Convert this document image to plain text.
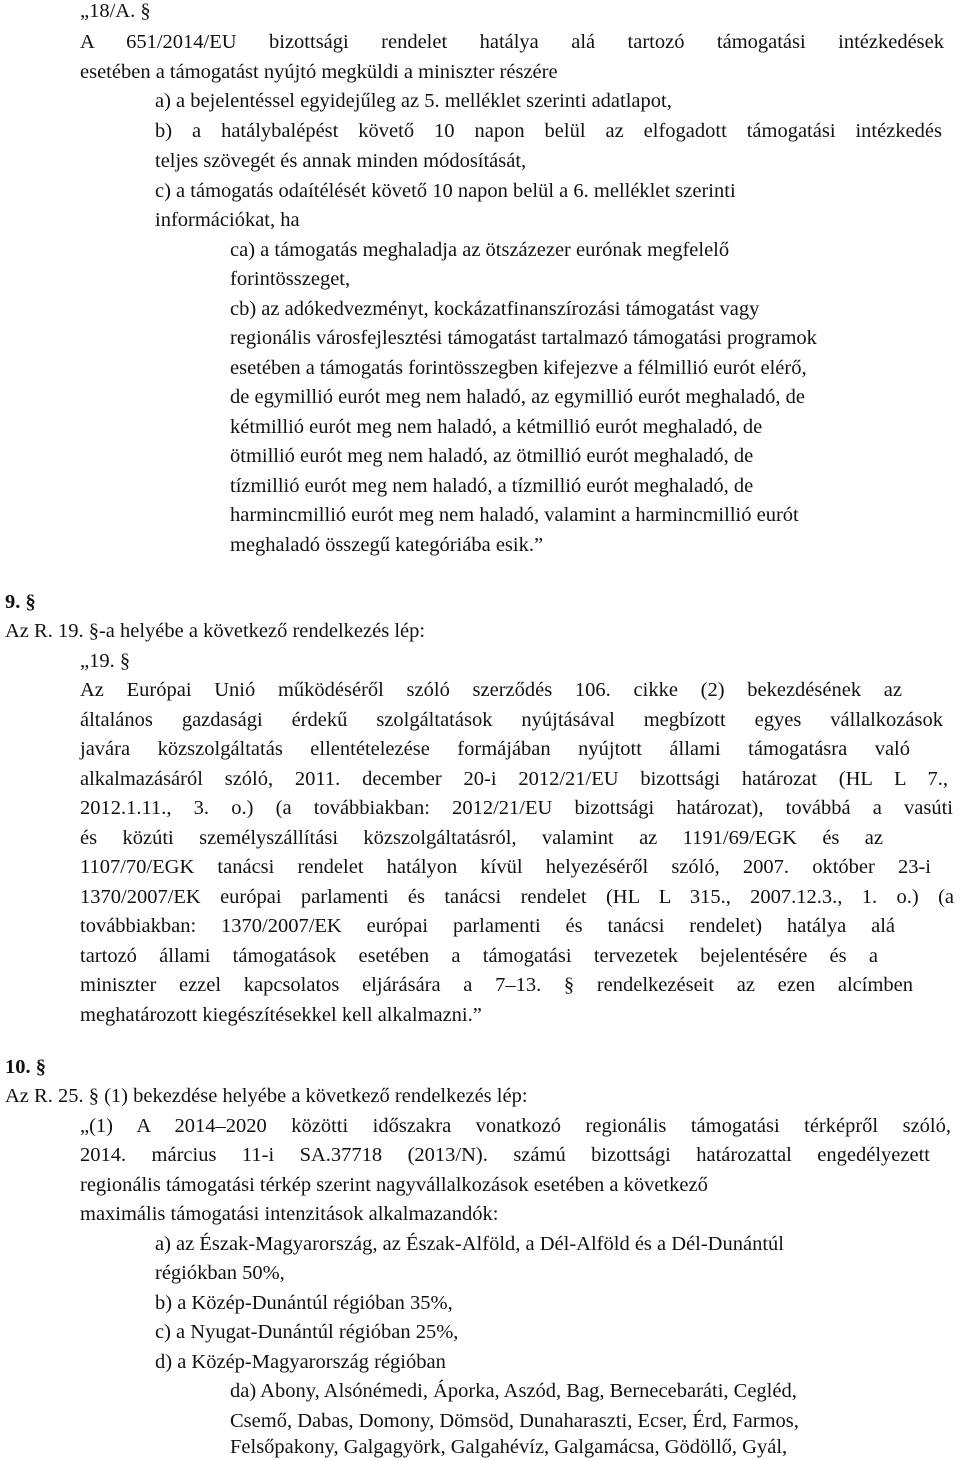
„18/A. §
A 651/2014/EU bizottsági rendelet hatálya alá tartozó támogatási intézkedések
esetében a támogatást nyújtó megküldi a miniszter részére
a) a bejelentéssel egyidejűleg az 5. melléklet szerinti adatlapot,
b) a hatálybalépést követő 10 napon belül az elfogadott támogatási intézkedés
teljes szövegét és annak minden módosítását,
c) a támogatás odaítélését követő 10 napon belül a 6. melléklet szerinti
információkat, ha
ca) a támogatás meghaladja az ötszázezer eurónak megfelelő
forintösszeget,
cb) az adókedvezményt, kockázatfinanszírozási támogatást vagy
regionális városfejlesztési támogatást tartalmazó támogatási programok
esetében a támogatás forintösszegben kifejezve a félmillió eurót elérő,
de egymillió eurót meg nem haladó, az egymillió eurót meghaladó, de
kétmillió eurót meg nem haladó, a kétmillió eurót meghaladó, de
ötmillió eurót meg nem haladó, az ötmillió eurót meghaladó, de
tízmillió eurót meg nem haladó, a tízmillió eurót meghaladó, de
harmincmillió eurót meg nem haladó, valamint a harmincmillió eurót
meghaladó összegű kategóriába esik.”
9. §
Az R. 19. §-a helyébe a következő rendelkezés lép:
„19. §
Az Európai Unió működéséről szóló szerződés 106. cikke (2) bekezdésének az
általános gazdasági érdekű szolgáltatások nyújtásával megbízott egyes vállalkozások
javára közszolgáltatás ellentételezése formájában nyújtott állami támogatásra való
alkalmazásáról szóló, 2011. december 20-i 2012/21/EU bizottsági határozat (HL L 7.,
2012.1.11., 3. o.) (a továbbiakban: 2012/21/EU bizottsági határozat), továbbá a vasúti
és közúti személyszállítási közszolgáltatásról, valamint az 1191/69/EGK és az
1107/70/EGK tanácsi rendelet hatályon kívül helyezéséről szóló, 2007. október 23-i
1370/2007/EK európai parlamenti és tanácsi rendelet (HL L 315., 2007.12.3., 1. o.) (a
továbbiakban: 1370/2007/EK európai parlamenti és tanácsi rendelet) hatálya alá
tartozó állami támogatások esetében a támogatási tervezetek bejelentésére és a
miniszter ezzel kapcsolatos eljárására a 7–13. § rendelkezéseit az ezen alcímben
meghatározott kiegészítésekkel kell alkalmazni.”
10. §
Az R. 25. § (1) bekezdése helyébe a következő rendelkezés lép:
„(1) A 2014–2020 közötti időszakra vonatkozó regionális támogatási térképről szóló,
2014. március 11-i SA.37718 (2013/N). számú bizottsági határozattal engedélyezett
regionális támogatási térkép szerint nagyvállalkozások esetében a következő
maximális támogatási intenzitások alkalmazandók:
a) az Észak-Magyarország, az Észak-Alföld, a Dél-Alföld és a Dél-Dunántúl
régiókban 50%,
b) a Közép-Dunántúl régióban 35%,
c) a Nyugat-Dunántúl régióban 25%,
d) a Közép-Magyarország régióban
da) Abony, Alsónémedi, Áporka, Aszód, Bag, Bernecebaráti, Cegléd,
Csemő, Dabas, Domony, Dömsöd, Dunaharaszti, Ecser, Érd, Farmos,
Felsőpakony, Galgagyörk, Galgahévíz, Galgamácsa, Gödöllő, Gyál,
